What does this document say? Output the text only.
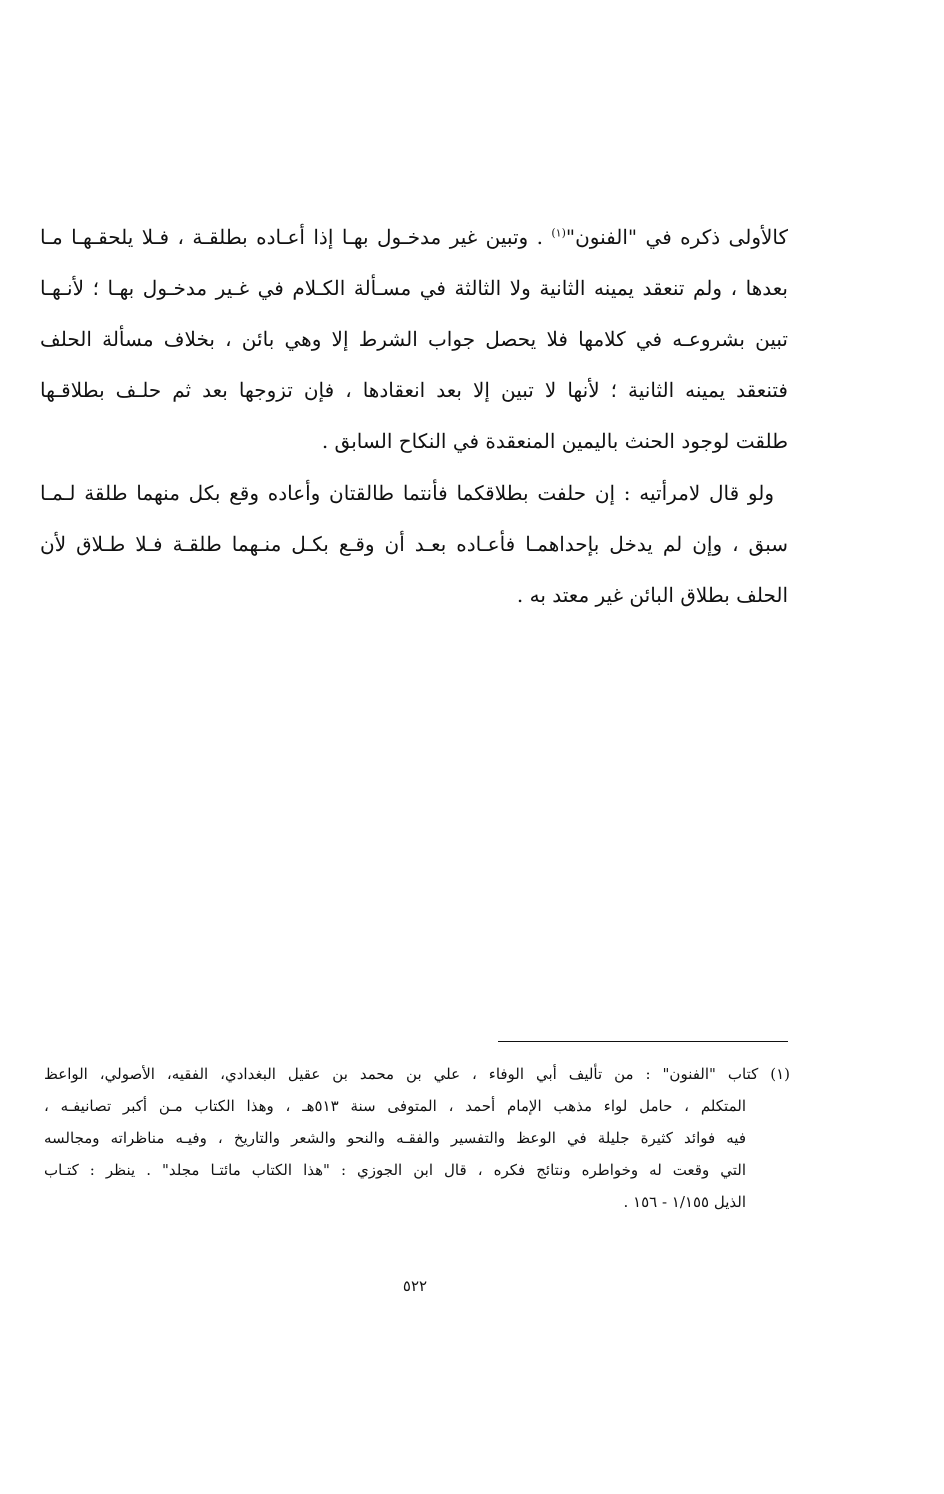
كالأولى ذكره في "الفنون"$^{(١)}$ . وتبين غير مدخـول بهـا إذا أعـاده بطلقـة ، فـلا يلحقـهـا مـا
بعدها ، ولم تنعقد يمينه الثانية ولا الثالثة في مسـألة الكـلام في غـير مدخـول بهـا ؛ لأنـهـا
تبين بشروعـه في كلامها فلا يحصل جواب الشرط إلا وهي بائن ، بخلاف مسألة الحلف
فتنعقد يمينه الثانية ؛ لأنها لا تبين إلا بعد انعقادها ، فإن تزوجها بعد ثم حلـف بطلاقـها
طلقت لوجود الحنث باليمين المنعقدة في النكاح السابق .
ولو قال لامرأتيه : إن حلفت بطلاقكما فأنتما طالقتان وأعاده وقع بكل منهما طلقة لـمـا
سبق ، وإن لم يدخل بإحداهمـا فأعـاده بعـد أن وقـع بكـل منـهما طلقـة فـلا طـلاق لأن
الحلف بطلاق البائن غير معتد به .
(١) كتاب "الفنون" : من تأليف أبي الوفاء ، علي بن محمد بن عقيل البغدادي، الفقيه، الأصولي، الواعظ
المتكلم ، حامل لواء مذهب الإمام أحمد ، المتوفى سنة ٥١٣هـ ، وهذا الكتاب مـن أكبر تصانيفـه ،
فيه فوائد كثيرة جليلة في الوعظ والتفسير والفقـه والنحو والشعر والتاريخ ، وفيـه مناظراته ومجالسه
التي وقعت له وخواطره ونتائج فكره ، قال ابن الجوزي : "هذا الكتاب مائتـا مجلد" . ينظر : كتـاب
الذيل ١/١٥٥ - ١٥٦ .
٥٢٢
